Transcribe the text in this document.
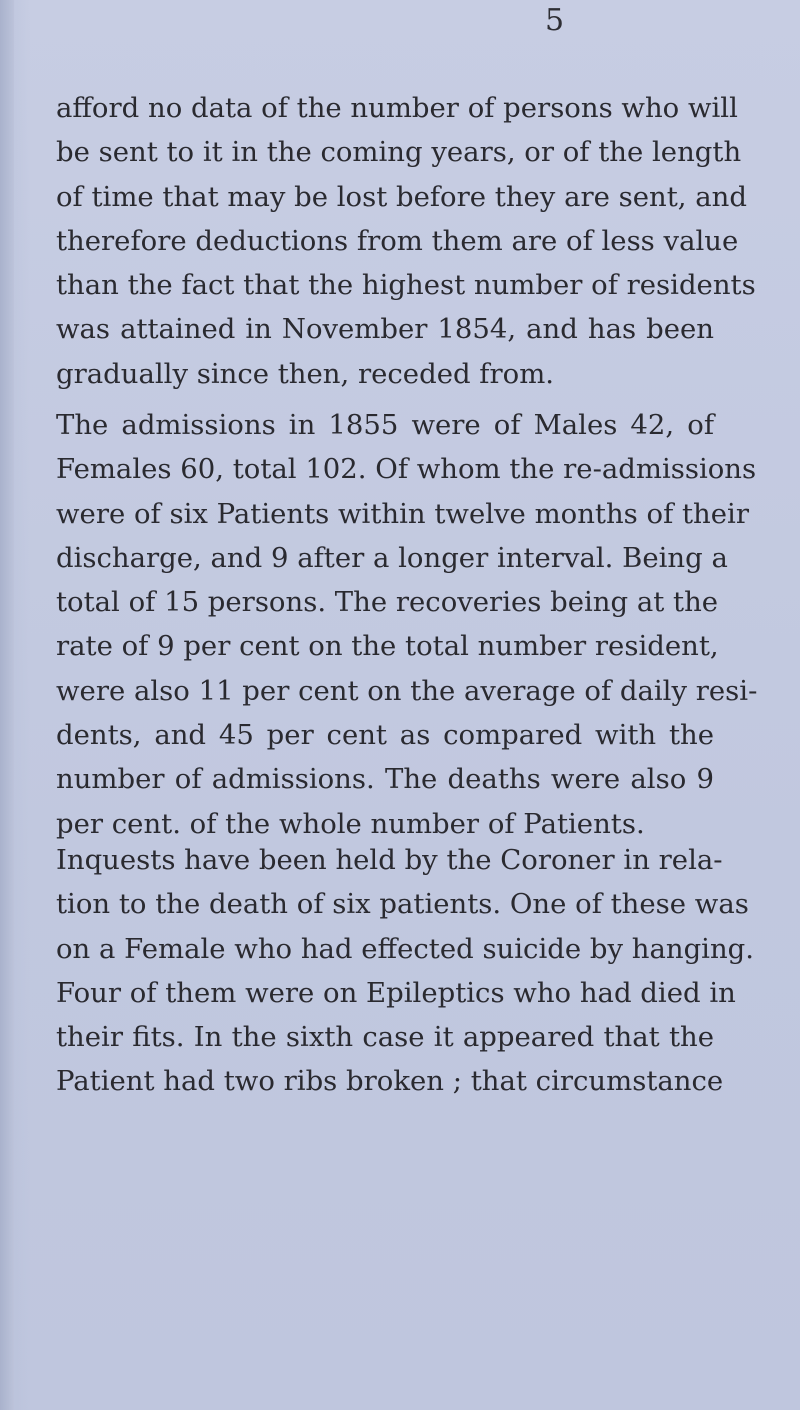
5
afford no data of the number of persons who will
be sent to it in the coming years, or of the length
of time that may be lost before they are sent, and
therefore deductions from them are of less value
than the fact that the highest number of residents
was attained in November 1854, and has been
gradually since then, receded from.
The admissions in 1855 were of Males 42, of
Females 60, total 102. Of whom the re-admissions
were of six Patients within twelve months of their
discharge, and 9 after a longer interval. Being a
total of 15 persons. The recoveries being at the
rate of 9 per cent on the total number resident,
were also 11 per cent on the average of daily resi-
dents, and 45 per cent as compared with the
number of admissions. The deaths were also 9
per cent. of the whole number of Patients.
Inquests have been held by the Coroner in rela-
tion to the death of six patients. One of these was
on a Female who had effected suicide by hanging.
Four of them were on Epileptics who had died in
their fits. In the sixth case it appeared that the
Patient had two ribs broken ; that circumstance
